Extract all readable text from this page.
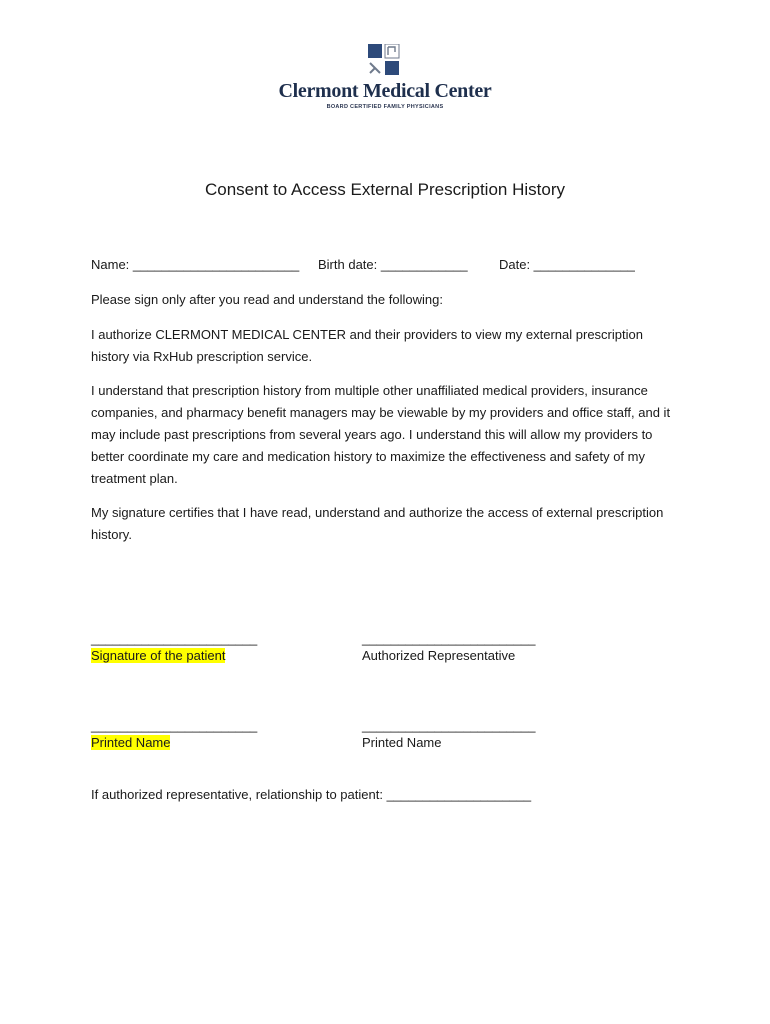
Clermont Medical Center
BOARD CERTIFIED FAMILY PHYSICIANS
Consent to Access External Prescription History
Name: _______________________ Birth date: ____________ Date: ______________
Please sign only after you read and understand the following:
I authorize CLERMONT MEDICAL CENTER and their providers to view my external prescription history via RxHub prescription service.
I understand that prescription history from multiple other unaffiliated medical providers, insurance companies, and pharmacy benefit managers may be viewable by my providers and office staff, and it may include past prescriptions from several years ago. I understand this will allow my providers to better coordinate my care and medication history to maximize the effectiveness and safety of my treatment plan.
My signature certifies that I have read, understand and authorize the access of external prescription history.
_______________________	________________________
Signature of the patient	Authorized Representative
_______________________	________________________
Printed Name	Printed Name
If authorized representative, relationship to patient: ____________________
